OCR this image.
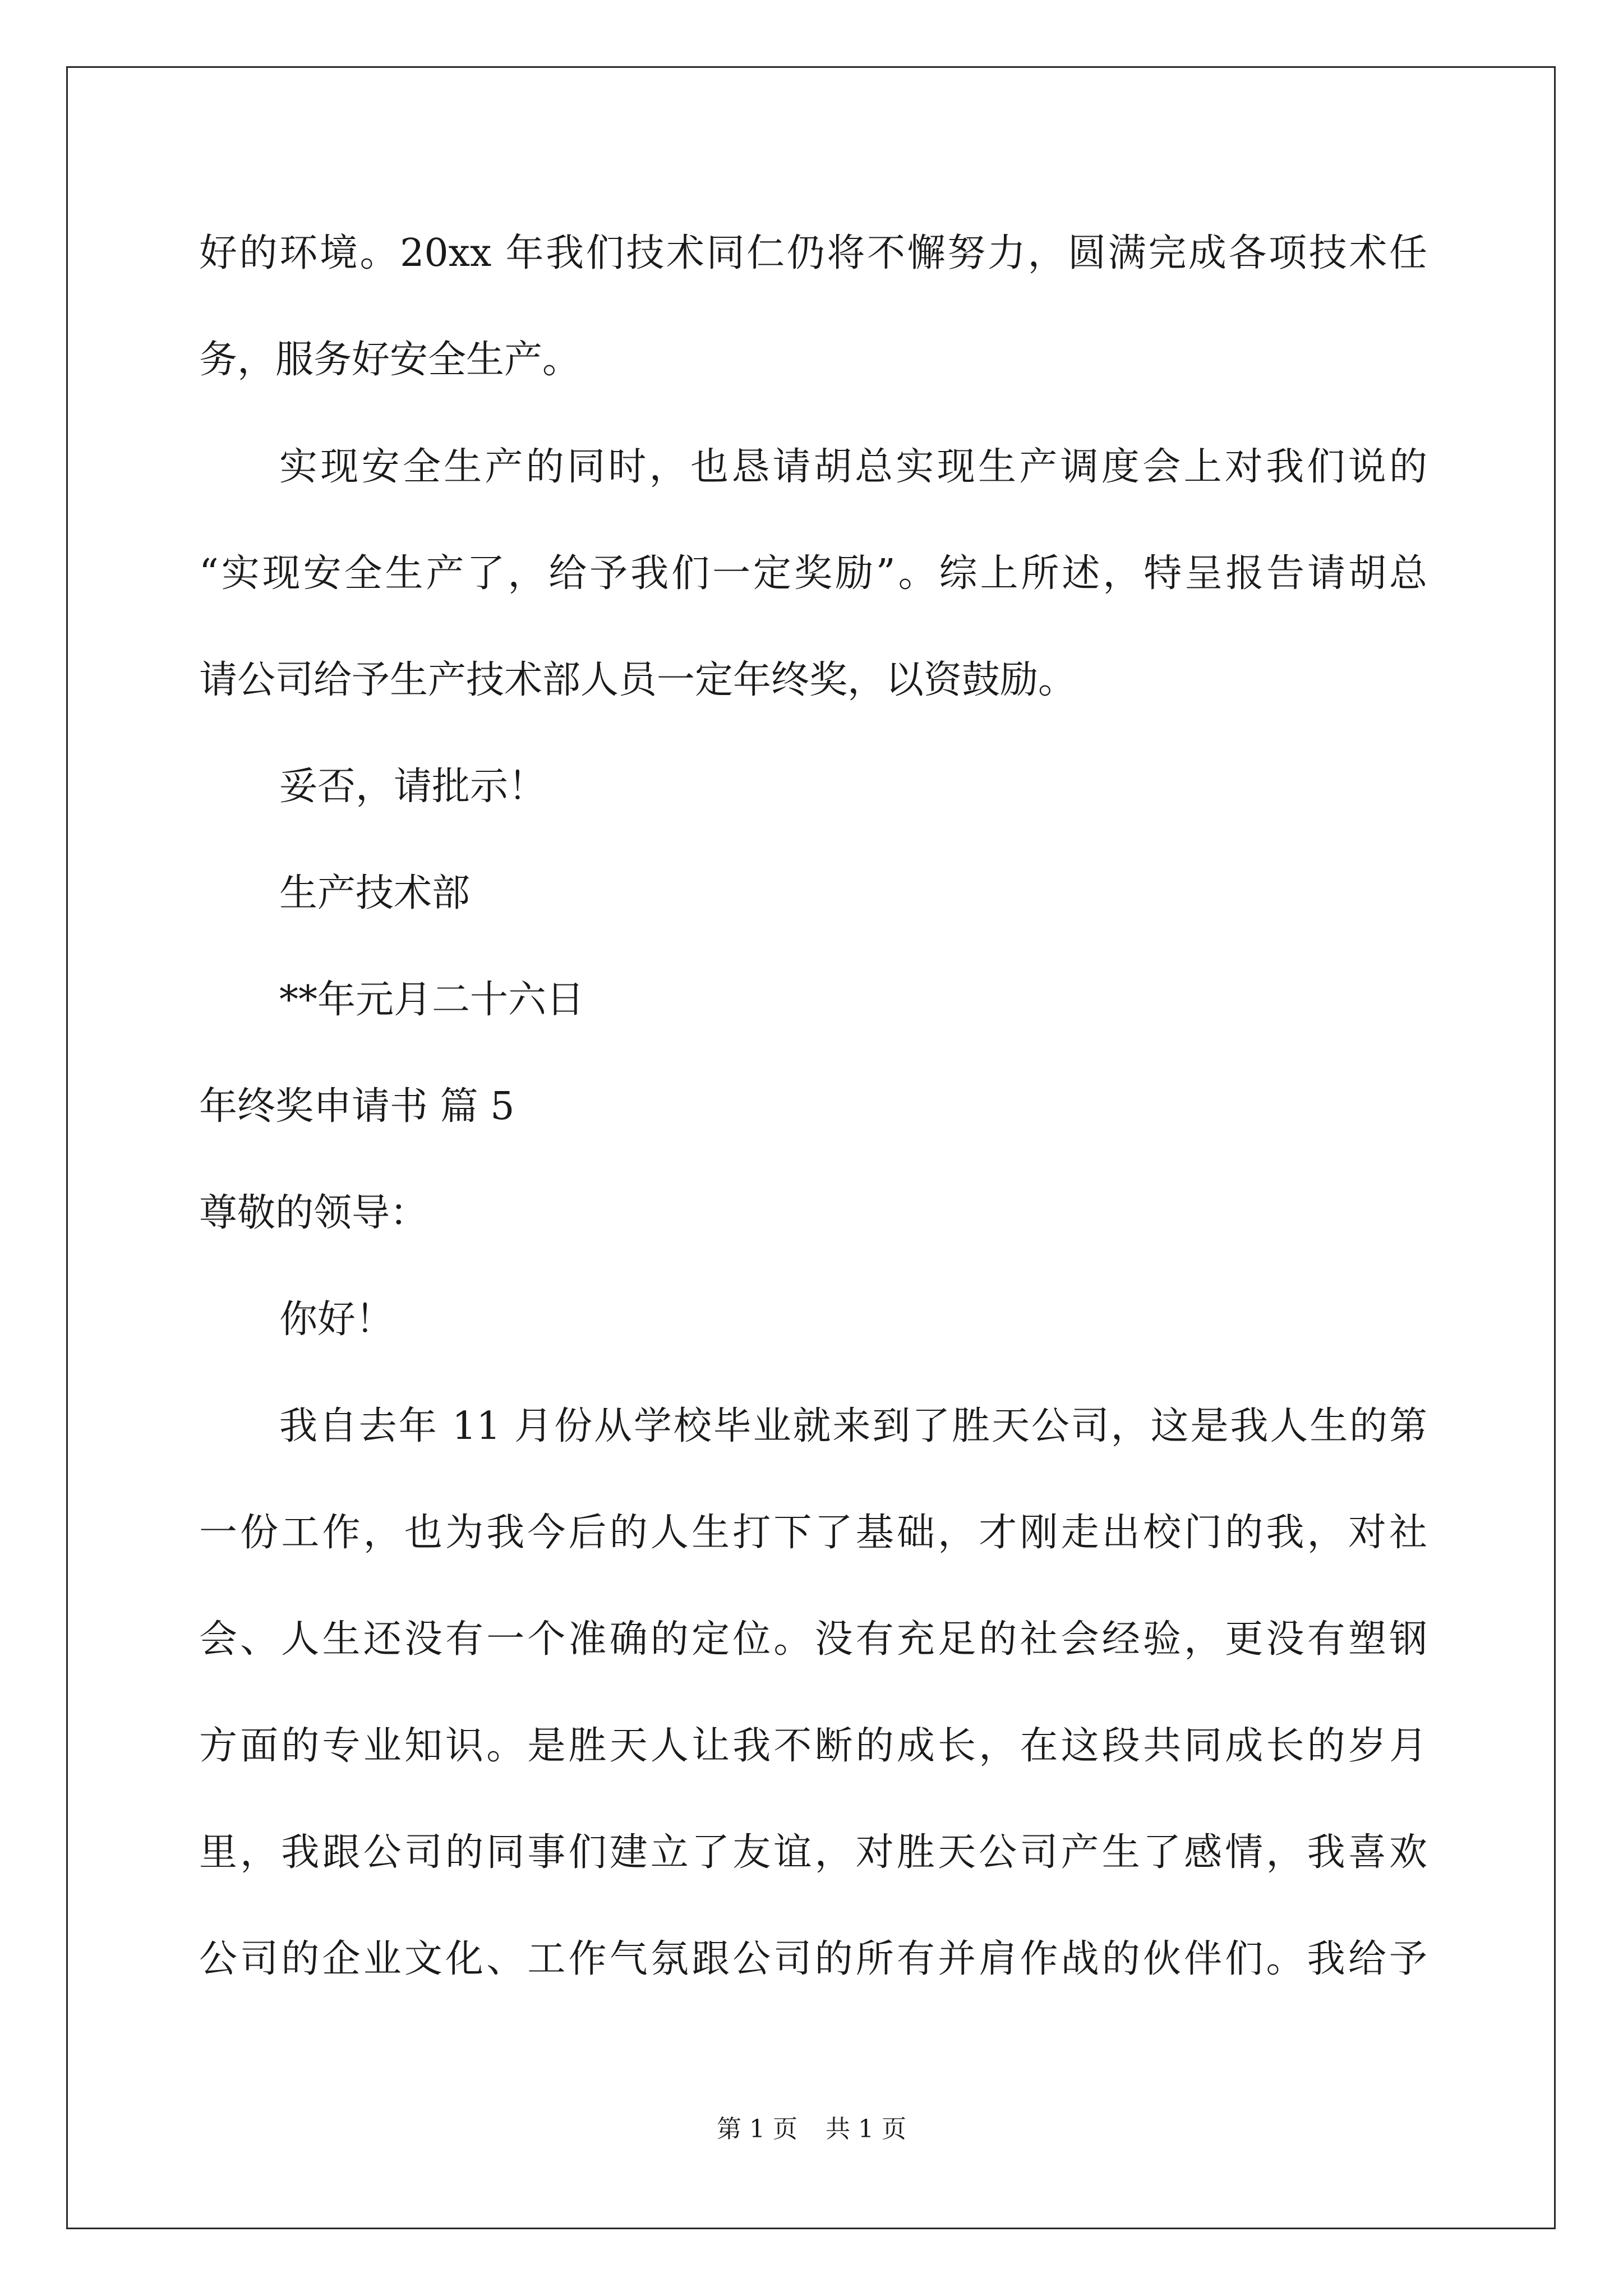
好的环境。20xx 年我们技术同仁仍将不懈努力，圆满完成各项技术任
务，服务好安全生产。
实现安全生产的同时，也恳请胡总实现生产调度会上对我们说的
“实现安全生产了，给予我们一定奖励”。综上所述，特呈报告请胡总
请公司给予生产技术部人员一定年终奖，以资鼓励。
妥否，请批示！
生产技术部
**年元月二十六日
年终奖申请书 篇 5
尊敬的领导：
你好！
我自去年 11 月份从学校毕业就来到了胜天公司，这是我人生的第
一份工作，也为我今后的人生打下了基础，才刚走出校门的我，对社
会、人生还没有一个准确的定位。没有充足的社会经验，更没有塑钢
方面的专业知识。是胜天人让我不断的成长，在这段共同成长的岁月
里，我跟公司的同事们建立了友谊，对胜天公司产生了感情，我喜欢
公司的企业文化、工作气氛跟公司的所有并肩作战的伙伴们。我给予
第 1 页 共 1 页
